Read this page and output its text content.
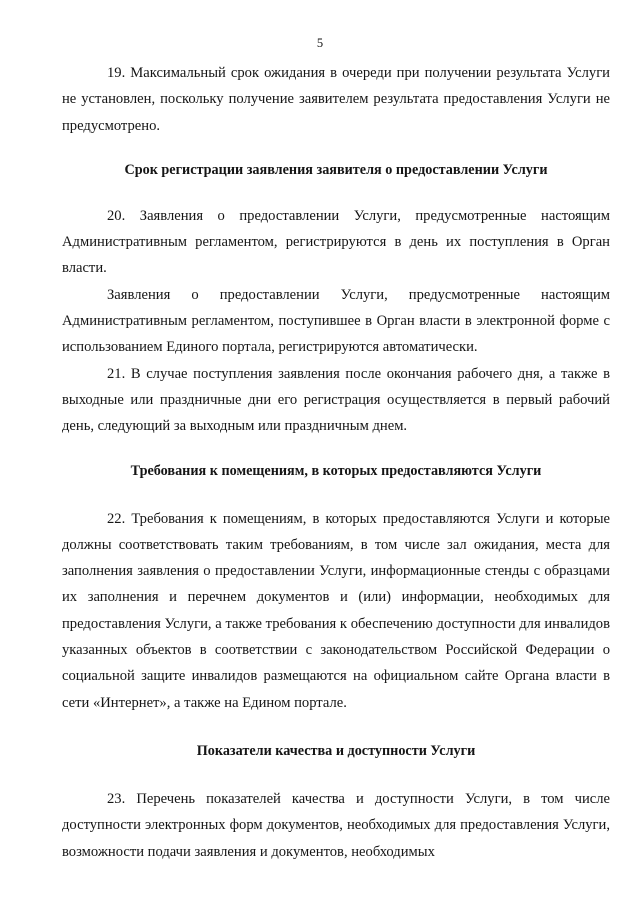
5

19. Максимальный срок ожидания в очереди при получении результата Услуги не установлен, поскольку получение заявителем результата предоставления Услуги не предусмотрено.

Срок регистрации заявления заявителя о предоставлении Услуги

20. Заявления о предоставлении Услуги, предусмотренные настоящим Административным регламентом, регистрируются в день их поступления в Орган власти.

Заявления о предоставлении Услуги, предусмотренные настоящим Административным регламентом, поступившее в Орган власти в электронной форме с использованием Единого портала, регистрируются автоматически.

21. В случае поступления заявления после окончания рабочего дня, а также в выходные или праздничные дни его регистрация осуществляется в первый рабочий день, следующий за выходным или праздничным днем.

Требования к помещениям, в которых предоставляются Услуги

22. Требования к помещениям, в которых предоставляются Услуги и которые должны соответствовать таким требованиям, в том числе зал ожидания, места для заполнения заявления о предоставлении Услуги, информационные стенды с образцами их заполнения и перечнем документов и (или) информации, необходимых для предоставления Услуги, а также требования к обеспечению доступности для инвалидов указанных объектов в соответствии с законодательством Российской Федерации о социальной защите инвалидов размещаются на официальном сайте Органа власти в сети «Интернет», а также на Едином портале.

Показатели качества и доступности Услуги

23. Перечень показателей качества и доступности Услуги, в том числе доступности электронных форм документов, необходимых для предоставления Услуги, возможности подачи заявления и документов, необходимых
